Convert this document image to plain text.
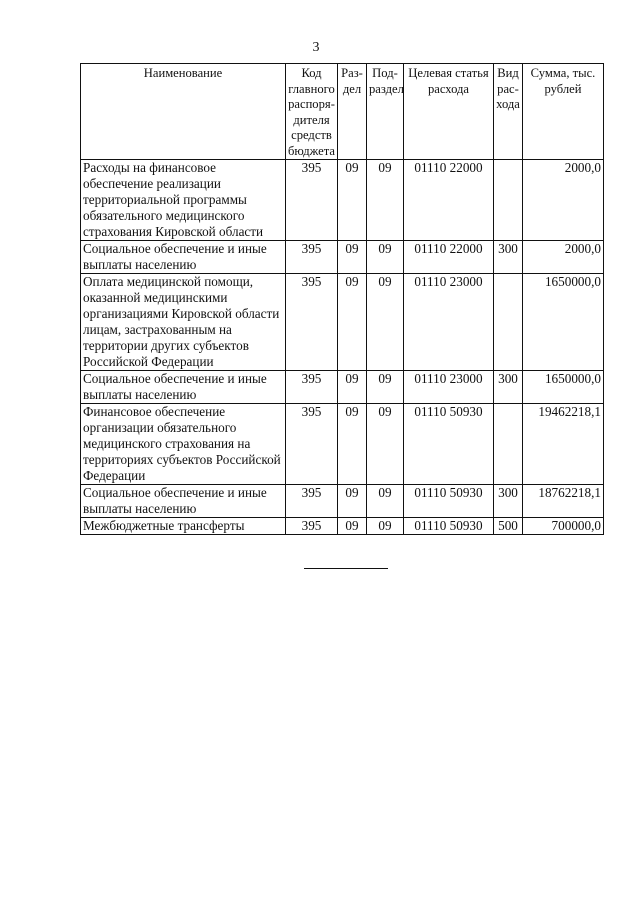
3
Наименование	Код главного распоря-дителя средств бюджета	Раз-дел	Под-раздел	Целевая статья расхода	Вид рас-хода	Сумма, тыс. рублей
Расходы на финансовое обеспечение реализации территориальной программы обязательного медицинского страхования Кировской области	395	09	09	01110 22000		2000,0
Социальное обеспечение и иные выплаты населению	395	09	09	01110 22000	300	2000,0
Оплата медицинской помощи, оказанной медицинскими организациями Кировской области лицам, застрахованным на территории других субъектов Российской Федерации	395	09	09	01110 23000		1650000,0
Социальное обеспечение и иные выплаты населению	395	09	09	01110 23000	300	1650000,0
Финансовое обеспечение организации обязательного медицинского страхования на территориях субъектов Российской Федерации	395	09	09	01110 50930		19462218,1
Социальное обеспечение и иные выплаты населению	395	09	09	01110 50930	300	18762218,1
Межбюджетные трансферты	395	09	09	01110 50930	500	700000,0
